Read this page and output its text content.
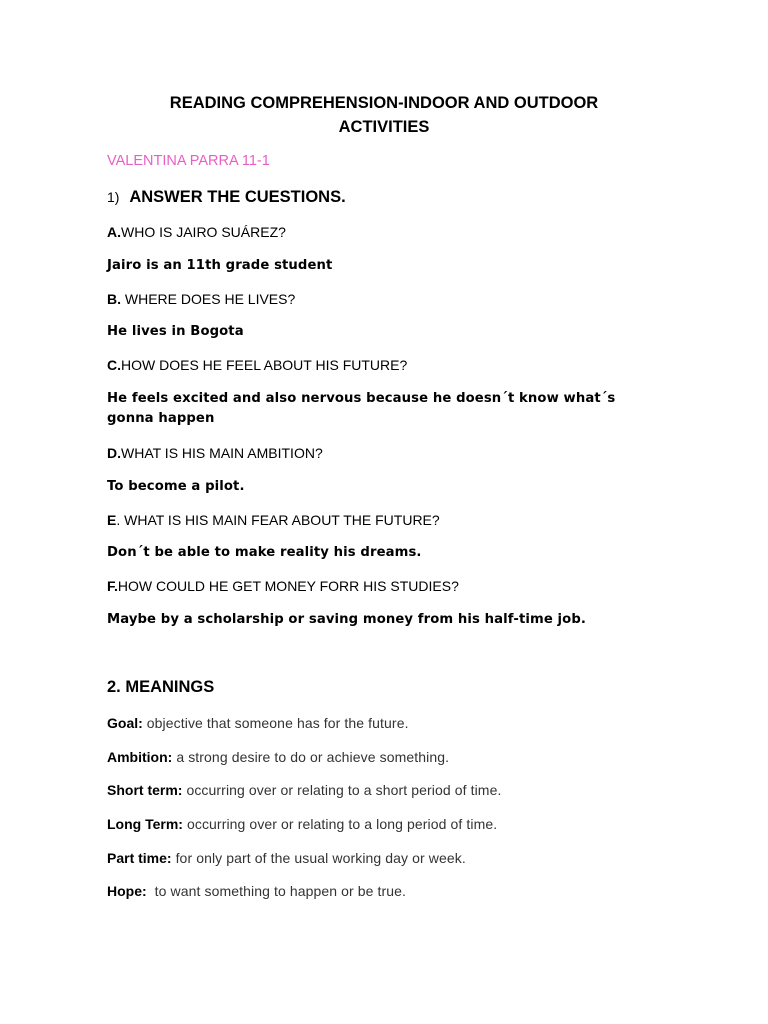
READING COMPREHENSION-INDOOR AND OUTDOOR ACTIVITIES
VALENTINA PARRA 11-1
1) ANSWER THE CUESTIONS.
A.WHO IS JAIRO SUÁREZ?
Jairo is an 11th grade student
B. WHERE DOES HE LIVES?
He lives in Bogota
C.HOW DOES HE FEEL ABOUT HIS FUTURE?
He feels excited and also nervous because he doesn´t know what´s gonna happen
D.WHAT IS HIS MAIN AMBITION?
To become a pilot.
E. WHAT IS HIS MAIN FEAR ABOUT THE FUTURE?
Don´t be able to make reality his dreams.
F.HOW COULD HE GET MONEY FORR HIS STUDIES?
Maybe by a scholarship or saving money from his half-time job.
2. MEANINGS
Goal: objective that someone has for the future.
Ambition: a strong desire to do or achieve something.
Short term: occurring over or relating to a short period of time.
Long Term: occurring over or relating to a long period of time.
Part time: for only part of the usual working day or week.
Hope:  to want something to happen or be true.
